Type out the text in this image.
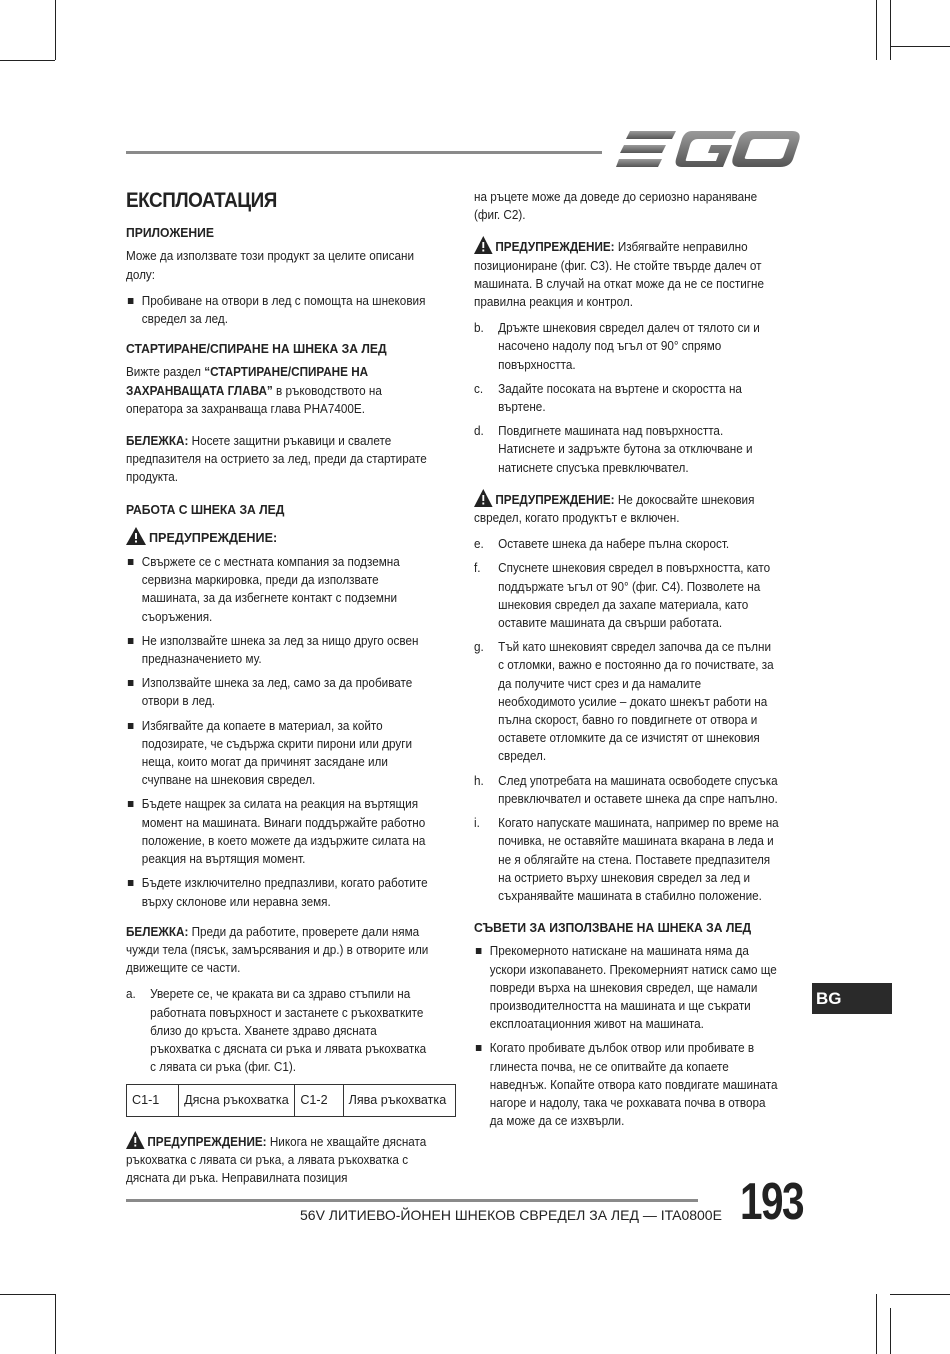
ЕКСПЛОАТАЦИЯ
ПРИЛОЖЕНИЕ

Може да използвате този продукт за целите описани долу:

Пробиване на отвори в лед с помощта на шнековия свредел за лед.
СТАРТИРАНЕ/СПИРАНЕ НА ШНЕКА ЗА ЛЕД

Вижте раздел “СТАРТИРАНЕ/СПИРАНЕ НА ЗАХРАНВАЩАТА ГЛАВА” в ръководството на оператора за захранваща глава PHA7400E.

БЕЛЕЖКА: Носете защитни ръкавици и свалете предпазителя на острието за лед, преди да стартирате продукта.

РАБОТА С ШНЕКА ЗА ЛЕД
ПРЕДУПРЕЖДЕНИЕ:
Свържете се с местната компания за подземна сервизна маркировка, преди да използвате машината, за да избегнете контакт с подземни съоръжения.
Не използвайте шнека за лед за нищо друго освен предназначението му.
Използвайте шнека за лед, само за да пробивате отвори в лед.
Избягвайте да копаете в материал, за който подозирате, че съдържа скрити пирони или други неща, които могат да причинят засядане или счупване на шнековия свредел.
Бъдете нащрек за силата на реакция на въртящия момент на машината. Винаги поддържайте работно положение, в което можете да издържите силата на реакция на въртящия момент.
Бъдете изключително предпазливи, когато работите върху склонове или неравна земя.

БЕЛЕЖКА: Преди да работите, проверете дали няма чужди тела (пясък, замърсявания и др.) в отворите или движещите се части.

a. Уверете се, че краката ви са здраво стъпили на работната повърхност и застанете с ръкохватките близо до кръста. Хванете здраво дясната ръкохватка с дясната си ръка и лявата ръкохватка с лявата си ръка (фиг. C1).
C1-1	Дясна ръкохватка	C1-2	Лява ръкохватка

ПРЕДУПРЕЖДЕНИЕ: Никога не хващайте дясната ръкохватка с лявата си ръка, а лявата ръкохватка с дясната ди ръка. Неправилната позиция

на ръцете може да доведе до сериозно нараняване (фиг. C2).

ПРЕДУПРЕЖДЕНИЕ: Избягвайте неправилно позициониране (фиг. C3). Не стойте твърде далеч от машината. В случай на откат може да не се постигне правилна реакция и контрол.

b. Дръжте шнековия свредел далеч от тялото си и насочено надолу под ъгъл от 90° спрямо повърхността.
c. Задайте посоката на въртене и скоростта на въртене.
d. Повдигнете машината над повърхността. Натиснете и задръжте бутона за отключване и натиснете спусъка превключвател.

ПРЕДУПРЕЖДЕНИЕ: Не докосвайте шнековия свредел, когато продуктът е включен.

e. Оставете шнека да набере пълна скорост.
f. Спуснете шнековия свредел в повърхността, като поддържате ъгъл от 90° (фиг. C4). Позволете на шнековия свредел да захапе материала, като оставите машината да свърши работата.
g. Тъй като шнековият свредел започва да се пълни с отломки, важно е постоянно да го почиствате, за да получите чист срез и да намалите необходимото усилие – докато шнекът работи на пълна скорост, бавно го повдигнете от отвора и оставете отломките да се изчистят от шнековия свредел.
h. След употребата на машината освободете спусъка превключвател и оставете шнека да спре напълно.
i. Когато напускате машината, например по време на почивка, не оставяйте машината вкарана в леда и не я облягайте на стена. Поставете предпазителя на острието върху шнековия свредел за лед и съхранявайте машината в стабилно положение.
СЪВЕТИ ЗА ИЗПОЛЗВАНЕ НА ШНЕКА ЗА ЛЕД
Прекомерното натискане на машината няма да ускори изкопаването. Прекомерният натиск само ще повреди върха на шнековия свредел, ще намали производителността на машината и ще съкрати експлоатационния живот на машината.
Когато пробивате дълбок отвор или пробивате в глинеста почва, не се опитвайте да копаете наведнъж. Копайте отвора като повдигате машината нагоре и надолу, така че рохкавата почва в отвора да може да се изхвърли.
BG
56V ЛИТИЕВО-ЙОНЕН ШНЕКОВ СВРЕДЕЛ ЗА ЛЕД — ITA0800E 193
